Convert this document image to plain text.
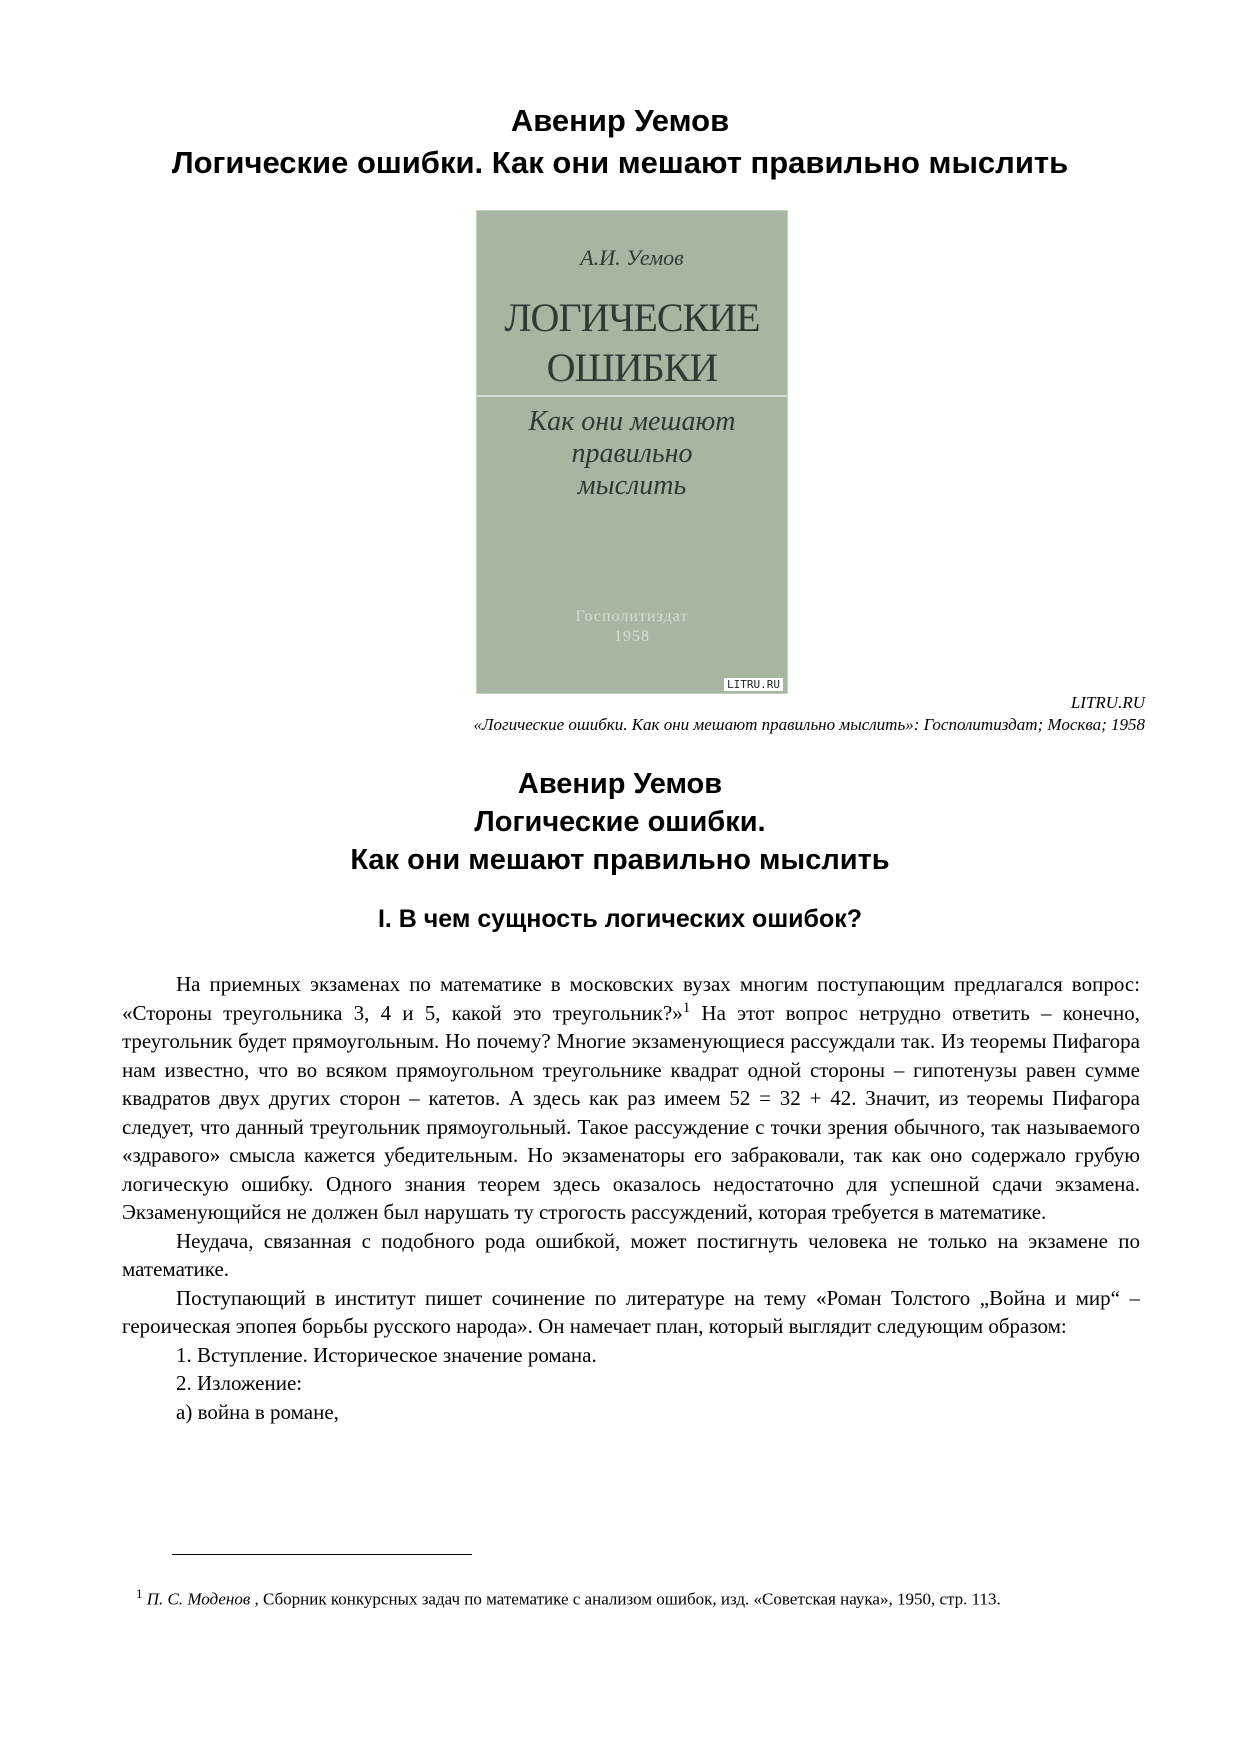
Авенир Уемов
Логические ошибки. Как они мешают правильно мыслить
А.И. Уемов
ЛОГИЧЕСКИЕ
ОШИБКИ
Как они мешают
правильно
мыслить
Госполитиздат
1958
LITRU.RU
LITRU.RU
«Логические ошибки. Как они мешают правильно мыслить»: Госполитиздат; Москва; 1958
Авенир Уемов
Логические ошибки.
Как они мешают правильно мыслить
I. В чем сущность логических ошибок?

На приемных экзаменах по математике в московских вузах многим поступающим предлагался вопрос: «Стороны треугольника 3, 4 и 5, какой это треугольник?»$^1$ На этот вопрос нетрудно ответить – конечно, треугольник будет прямоугольным. Но почему? Многие экзаменующиеся рассуждали так. Из теоремы Пифагора нам известно, что во всяком прямоугольном треугольнике квадрат одной стороны – гипотенузы равен сумме квадратов двух других сторон – катетов. А здесь как раз имеем 52 = 32 + 42. Значит, из теоремы Пифагора следует, что данный треугольник прямоугольный. Такое рассуждение с точки зрения обычного, так называемого «здравого» смысла кажется убедительным. Но экзаменаторы его забраковали, так как оно содержало грубую логическую ошибку. Одного знания теорем здесь оказалось недостаточно для успешной сдачи экзамена. Экзаменующийся не должен был нарушать ту строгость рассуждений, которая требуется в математике.

Неудача, связанная с подобного рода ошибкой, может постигнуть человека не только на экзамене по математике.

Поступающий в институт пишет сочинение по литературе на тему «Роман Толстого „Война и мир“ – героическая эпопея борьбы русского народа». Он намечает план, который выглядит следующим образом:

1. Вступление. Историческое значение романа.
2. Изложение:
а) война в романе,
$^1$ П. С. Моденов , Сборник конкурсных задач по математике с анализом ошибок, изд. «Советская наука», 1950, стр. 113.
